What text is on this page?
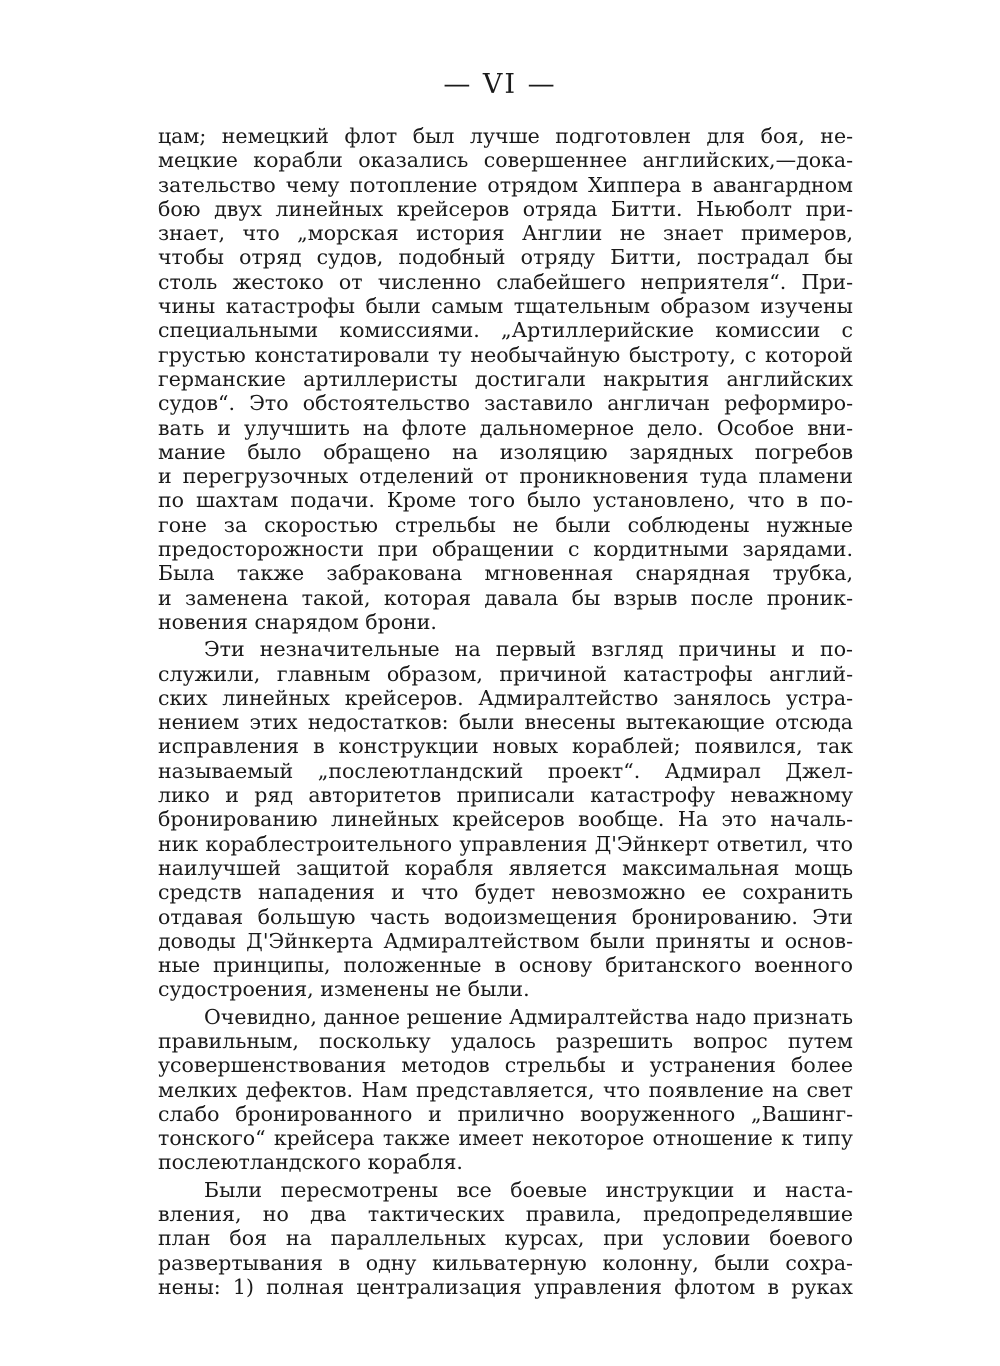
— VI —
цам; немецкий флот был лучше подготовлен для боя, не-
мецкие корабли оказались совершеннее английских,—дока-
зательство чему потопление отрядом Хиппера в авангардном
бою двух линейных крейсеров отряда Битти. Ньюболт при-
знает, что „морская история Англии не знает примеров,
чтобы отряд судов, подобный отряду Битти, пострадал бы
столь жестоко от численно слабейшего неприятеля“. При-
чины катастрофы были самым тщательным образом изучены
специальными комиссиями. „Артиллерийские комиссии с
грустью констатировали ту необычайную быстроту, с которой
германские артиллеристы достигали накрытия английских
судов“. Это обстоятельство заставило англичан реформиро-
вать и улучшить на флоте дальномерное дело. Особое вни-
мание было обращено на изоляцию зарядных погребов
и перегрузочных отделений от проникновения туда пламени
по шахтам подачи. Кроме того было установлено, что в по-
гоне за скоростью стрельбы не были соблюдены нужные
предосторожности при обращении с кордитными зарядами.
Была также забракована мгновенная снарядная трубка,
и заменена такой, которая давала бы взрыв после проник-
новения снарядом брони.
Эти незначительные на первый взгляд причины и по-
служили, главным образом, причиной катастрофы англий-
ских линейных крейсеров. Адмиралтейство занялось устра-
нением этих недостатков: были внесены вытекающие отсюда
исправления в конструкции новых кораблей; появился, так
называемый „послеютландский проект“. Адмирал Джел-
лико и ряд авторитетов приписали катастрофу неважному
бронированию линейных крейсеров вообще. На это началь-
ник кораблестроительного управления Д'Эйнкерт ответил, что
наилучшей защитой корабля является максимальная мощь
средств нападения и что будет невозможно ее сохранить
отдавая большую часть водоизмещения бронированию. Эти
доводы Д'Эйнкерта Адмиралтейством были приняты и основ-
ные принципы, положенные в основу британского военного
судостроения, изменены не были.
Очевидно, данное решение Адмиралтейства надо признать
правильным, поскольку удалось разрешить вопрос путем
усовершенствования методов стрельбы и устранения более
мелких дефектов. Нам представляется, что появление на свет
слабо бронированного и прилично вооруженного „Вашинг-
тонского“ крейсера также имеет некоторое отношение к типу
послеютландского корабля.
Были пересмотрены все боевые инструкции и наста-
вления, но два тактических правила, предопределявшие
план боя на параллельных курсах, при условии боевого
развертывания в одну кильватерную колонну, были сохра-
нены: 1) полная централизация управления флотом в руках
